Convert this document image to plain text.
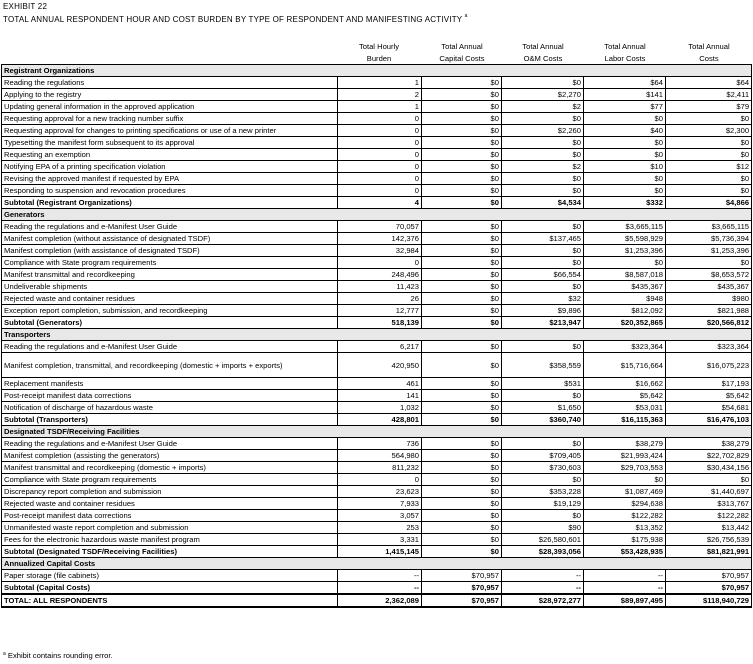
EXHIBIT 22
TOTAL ANNUAL RESPONDENT HOUR AND COST BURDEN BY TYPE OF RESPONDENT AND MANIFESTING ACTIVITY $^a$
Total Hourly
Burden
Total Annual
Capital Costs
Total Annual
O&M Costs
Total Annual
Labor Costs
Total Annual
Costs
Registrant Organizations					
Reading the regulations	1	$0	$0	$64	$64
Applying to the registry	2	$0	$2,270	$141	$2,411
Updating general information in the approved application	1	$0	$2	$77	$79
Requesting approval for a new tracking number suffix	0	$0	$0	$0	$0
Requesting approval for changes to printing specifications or use of a new printer	0	$0	$2,260	$40	$2,300
Typesetting the manifest form subsequent to its approval	0	$0	$0	$0	$0
Requesting an exemption	0	$0	$0	$0	$0
Notifying EPA of a printing specification violation	0	$0	$2	$10	$12
Revising the approved manifest if requested by EPA	0	$0	$0	$0	$0
Responding to suspension and revocation procedures	0	$0	$0	$0	$0
Subtotal (Registrant Organizations)	4	$0	$4,534	$332	$4,866
Generators					
Reading the regulations and e-Manifest User Guide	70,057	$0	$0	$3,665,115	$3,665,115
Manifest completion (without assistance of designated TSDF)	142,376	$0	$137,465	$5,598,929	$5,736,394
Manifest completion (with assistance of designated TSDF)	32,984	$0	$0	$1,253,396	$1,253,396
Compliance with State program requirements	0	$0	$0	$0	$0
Manifest transmittal and recordkeeping	248,496	$0	$66,554	$8,587,018	$8,653,572
Undeliverable shipments	11,423	$0	$0	$435,367	$435,367
Rejected waste and container residues	26	$0	$32	$948	$980
Exception report completion, submission, and recordkeeping	12,777	$0	$9,896	$812,092	$821,988
Subtotal (Generators)	518,139	$0	$213,947	$20,352,865	$20,566,812
Transporters					
Reading the regulations and e-Manifest User Guide	6,217	$0	$0	$323,364	$323,364
Manifest completion, transmittal, and recordkeeping (domestic + imports + exports)	420,950	$0	$358,559	$15,716,664	$16,075,223
Replacement manifests	461	$0	$531	$16,662	$17,193
Post-receipt manifest data corrections	141	$0	$0	$5,642	$5,642
Notification of discharge of hazardous waste	1,032	$0	$1,650	$53,031	$54,681
Subtotal (Transporters)	428,801	$0	$360,740	$16,115,363	$16,476,103
Designated TSDF/Receiving Facilities					
Reading the regulations and e-Manifest User Guide	736	$0	$0	$38,279	$38,279
Manifest completion (assisting the generators)	564,980	$0	$709,405	$21,993,424	$22,702,829
Manifest transmittal and recordkeeping (domestic + imports)	811,232	$0	$730,603	$29,703,553	$30,434,156
Compliance with State program requirements	0	$0	$0	$0	$0
Discrepancy report completion and submission	23,623	$0	$353,228	$1,087,469	$1,440,697
Rejected waste and container residues	7,933	$0	$19,129	$294,638	$313,767
Post-receipt manifest data corrections	3,057	$0	$0	$122,282	$122,282
Unmanifested waste report completion and submission	253	$0	$90	$13,352	$13,442
Fees for the electronic hazardous waste manifest program	3,331	$0	$26,580,601	$175,938	$26,756,539
Subtotal (Designated TSDF/Receiving Facilities)	1,415,145	$0	$28,393,056	$53,428,935	$81,821,991
Annualized Capital Costs					
Paper storage (file cabinets)	--	$70,957	--	--	$70,957
Subtotal (Capital Costs)	--	$70,957	--	--	$70,957
TOTAL: ALL RESPONDENTS	2,362,089	$70,957	$28,972,277	$89,897,495	$118,940,729
$^a$ Exhibit contains rounding error.
